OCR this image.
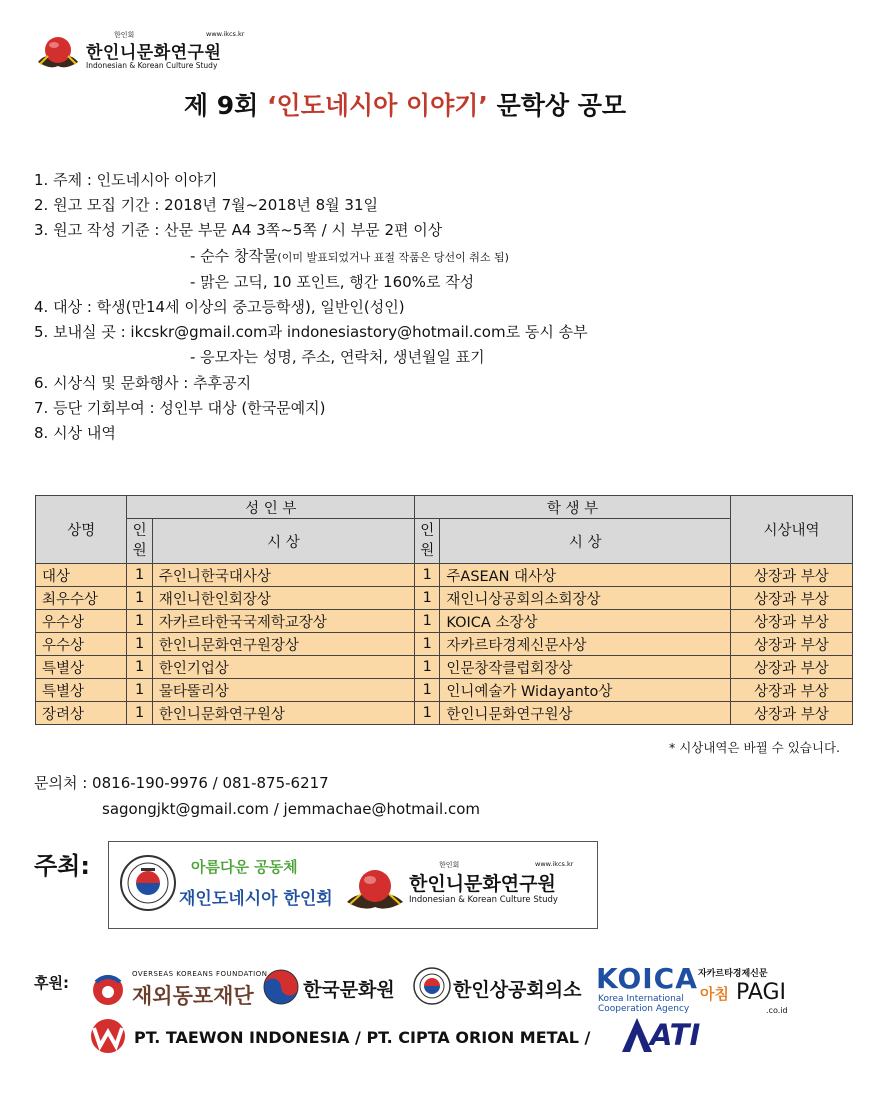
한인회	www.ikcs.kr
한인니문화연구원
Indonesian & Korean Culture Study
제 9회 ‘인도네시아 이야기’ 문학상 공모
1. 주제 : 인도네시아 이야기
2. 원고 모집 기간 : 2018년 7월~2018년 8월 31일
3. 원고 작성 기준 : 산문 부문 A4 3쪽~5쪽 / 시 부문 2편 이상
- 순수 창작물(이미 발표되었거나 표절 작품은 당선이 취소 됨)
- 맑은 고딕, 10 포인트, 행간 160%로 작성
4. 대상 : 학생(만14세 이상의 중고등학생), 일반인(성인)
5. 보내실 곳 : ikcskr@gmail.com과 indonesiastory@hotmail.com로 동시 송부
- 응모자는 성명, 주소, 연락처, 생년월일 표기
6. 시상식 및 문화행사 : 추후공지
7. 등단 기회부여 : 성인부 대상 (한국문예지)
8. 시상 내역
상명	성 인 부		학 생 부		시상내역
	인원	시 상	인원	시 상	
대상	1	주인니한국대사상	1	주ASEAN 대사상	상장과 부상
최우수상	1	재인니한인회장상	1	재인니상공회의소회장상	상장과 부상
우수상	1	자카르타한국국제학교장상	1	KOICA 소장상	상장과 부상
우수상	1	한인니문화연구원장상	1	자카르타경제신문사상	상장과 부상
특별상	1	한인기업상	1	인문창작클럽회장상	상장과 부상
특별상	1	물타뚤리상	1	인니예술가 Widayanto상	상장과 부상
장려상	1	한인니문화연구원상	1	한인니문화연구원상	상장과 부상
* 시상내역은 바뀔 수 있습니다.
문의처 : 0816-190-9976 / 081-875-6217
sagongjkt@gmail.com / jemmachae@hotmail.com
주최:	아름다운 공동체
재인도네시아 한인회
한인회	www.ikcs.kr
한인니문화연구원
Indonesian & Korean Culture Study
후원:	OVERSEAS KOREANS FOUNDATION
재외동포재단	한국문화원	한인상공회의소 KOICA
Korea International Cooperation Agency
자카르타경제신문
아침 PAGI
.co.id
PT. TAEWON INDONESIA / PT. CIPTA ORION METAL / ATI
